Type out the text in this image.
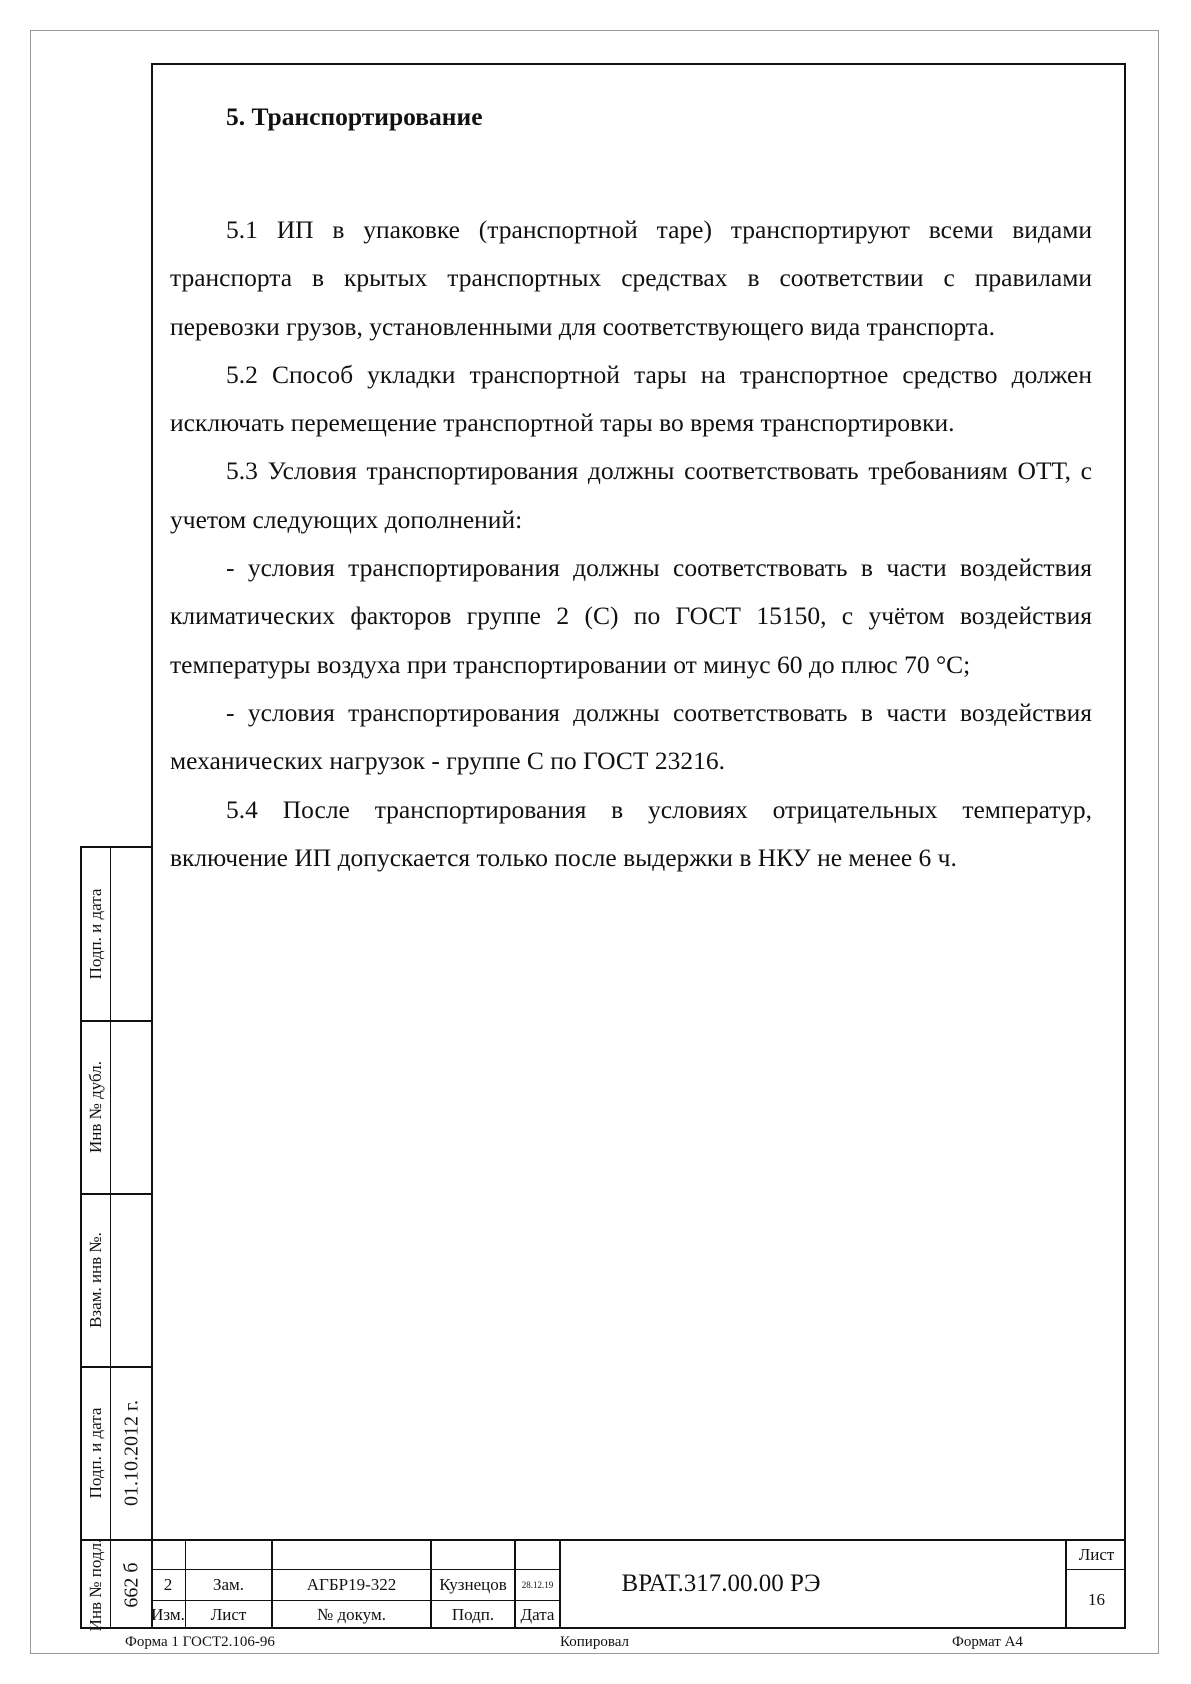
5. Транспортирование

5.1 ИП в упаковке (транспортной таре) транспортируют всеми видами транспорта в крытых транспортных средствах в соответствии с правилами перевозки грузов, установленными для соответствующего вида транспорта.

5.2 Способ укладки транспортной тары на транспортное средство должен исключать перемещение транспортной тары во время транспортировки.

5.3 Условия транспортирования должны соответствовать требованиям ОТТ, с учетом следующих дополнений:

- условия транспортирования должны соответствовать в части воздействия климатических факторов группе 2 (С) по ГОСТ 15150, с учётом воздействия температуры воздуха при транспортировании от минус 60 до плюс 70 °C;

- условия транспортирования должны соответствовать в части воздействия механических нагрузок - группе С по ГОСТ 23216.

5.4 После транспортирования в условиях отрицательных температур, включение ИП допускается только после выдержки в НКУ не менее 6 ч.

Подп. и дата
Инв № дубл.
Взам. инв №.
Подп. и дата 01.10.2012 г.
Инв № подл. 662 б	2	Зам.	АГБР19-322	Кузнецов	28.12.19
Изм.	Лист	№ докум.	Подп.	Дата
ВРАТ.317.00.00 РЭ
Лист
16
Форма 1 ГОСТ2.106-96	Копировал	Формат А4
